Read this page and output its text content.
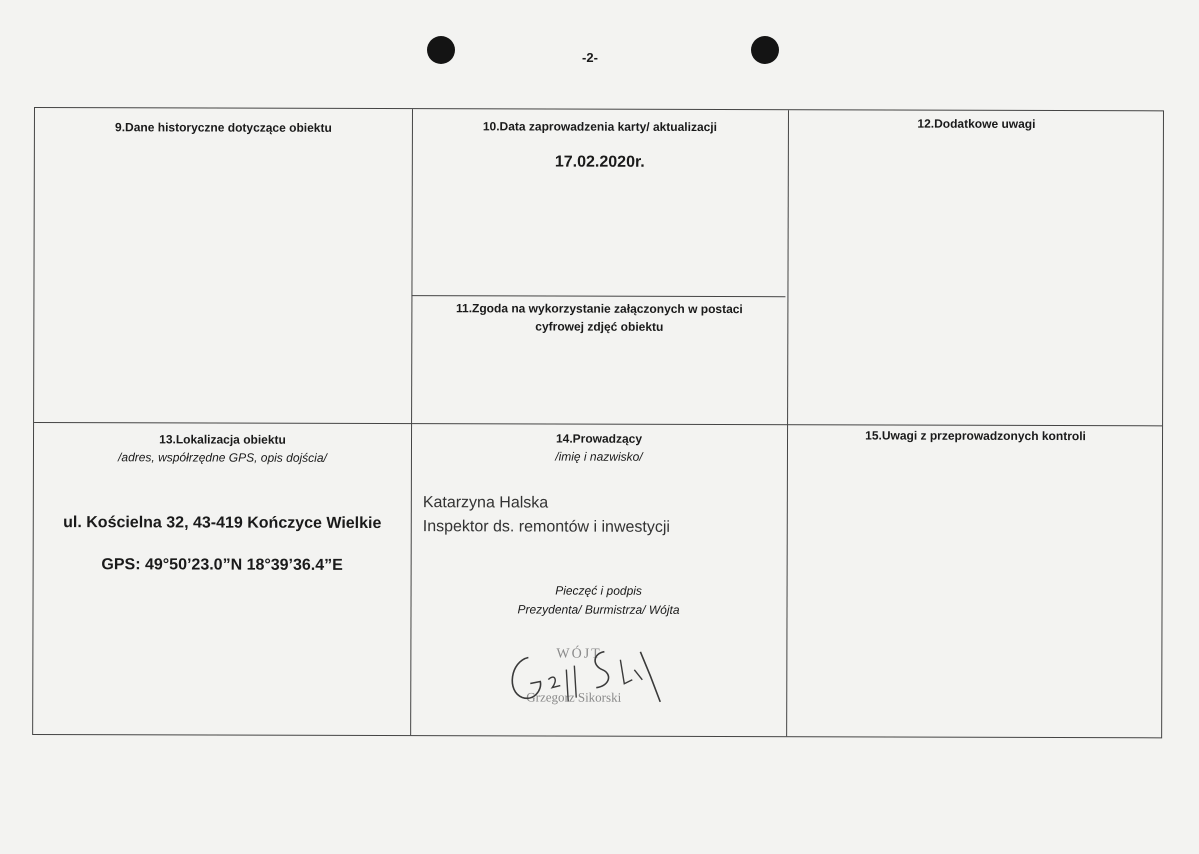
-2-
9.Dane historyczne dotyczące obiektu	10.Data zaprowadzenia karty/ aktualizacji
17.02.2020r.
11.Zgoda na wykorzystanie załączonych w postaci
cyfrowej zdjęć obiektu
12.Dodatkowe uwagi
13.Lokalizacja obiektu
/adres, współrzędne GPS, opis dojścia/
ul. Kościelna 32, 43-419 Kończyce Wielkie
GPS: 49°50’23.0”N 18°39’36.4”E
14.Prowadzący
/imię i nazwisko/
Katarzyna Halska
Inspektor ds. remontów i inwestycji
Pieczęć i podpis
Prezydenta/ Burmistrza/ Wójta
WÓJT
Grzegorz Sikorski
15.Uwagi z przeprowadzonych kontroli
